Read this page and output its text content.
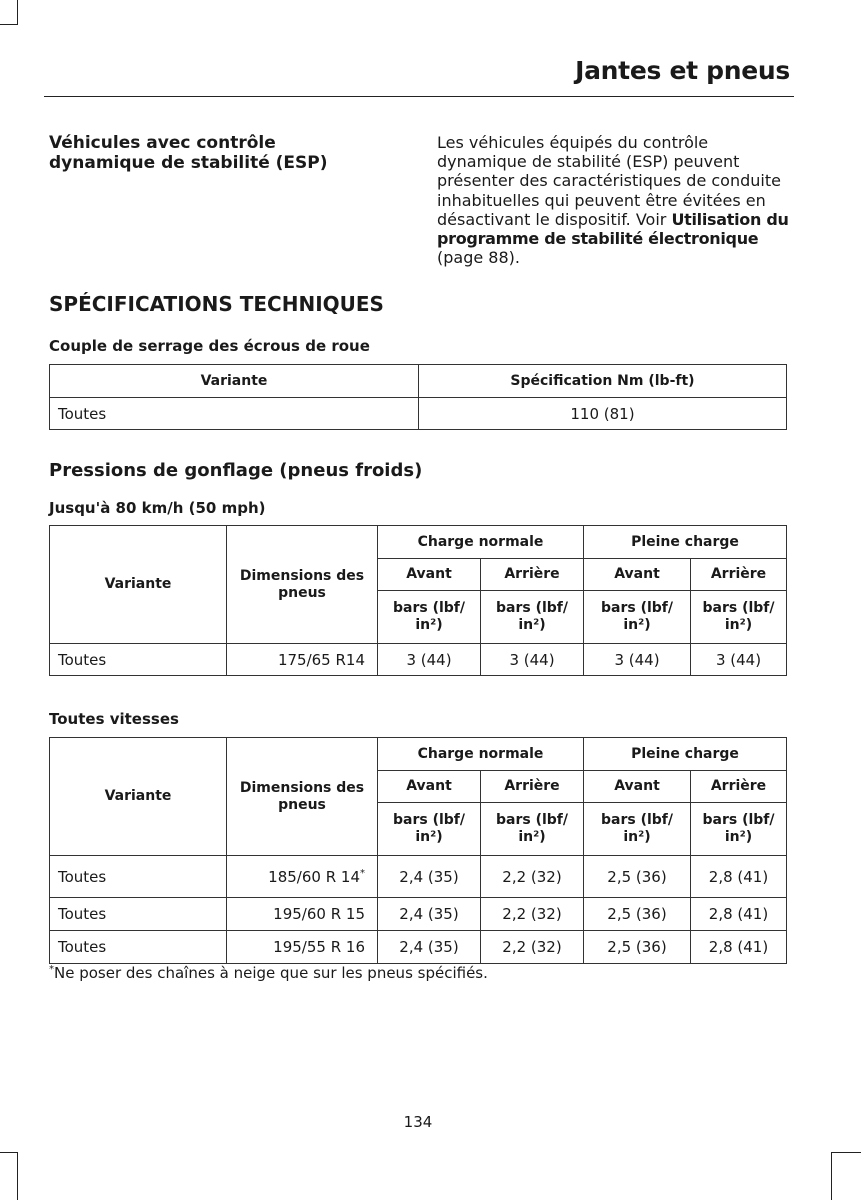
Jantes et pneus
Véhicules avec contrôle dynamique de stabilité (ESP)
Les véhicules équipés du contrôle dynamique de stabilité (ESP) peuvent présenter des caractéristiques de conduite inhabituelles qui peuvent être évitées en désactivant le dispositif. Voir Utilisation du programme de stabilité électronique (page 88).
SPÉCIFICATIONS TECHNIQUES
Couple de serrage des écrous de roue
Variante	Spécification Nm (lb-ft)
Toutes	110 (81)
Pressions de gonflage (pneus froids)
Jusqu'à 80 km/h (50 mph)
Variante	Dimensions des pneus	Charge normale		Pleine charge	
		Avant	Arrière	Avant	Arrière
		bars (lbf/ in²)	bars (lbf/ in²)	bars (lbf/ in²)	bars (lbf/ in²)
Toutes	175/65 R14	3 (44)	3 (44)	3 (44)	3 (44)
Toutes vitesses
Variante	Dimensions des pneus	Charge normale		Pleine charge	
		Avant	Arrière	Avant	Arrière
		bars (lbf/ in²)	bars (lbf/ in²)	bars (lbf/ in²)	bars (lbf/ in²)
Toutes	185/60 R 14*	2,4 (35)	2,2 (32)	2,5 (36)	2,8 (41)
Toutes	195/60 R 15	2,4 (35)	2,2 (32)	2,5 (36)	2,8 (41)
Toutes	195/55 R 16	2,4 (35)	2,2 (32)	2,5 (36)	2,8 (41)
*Ne poser des chaînes à neige que sur les pneus spécifiés.
134
